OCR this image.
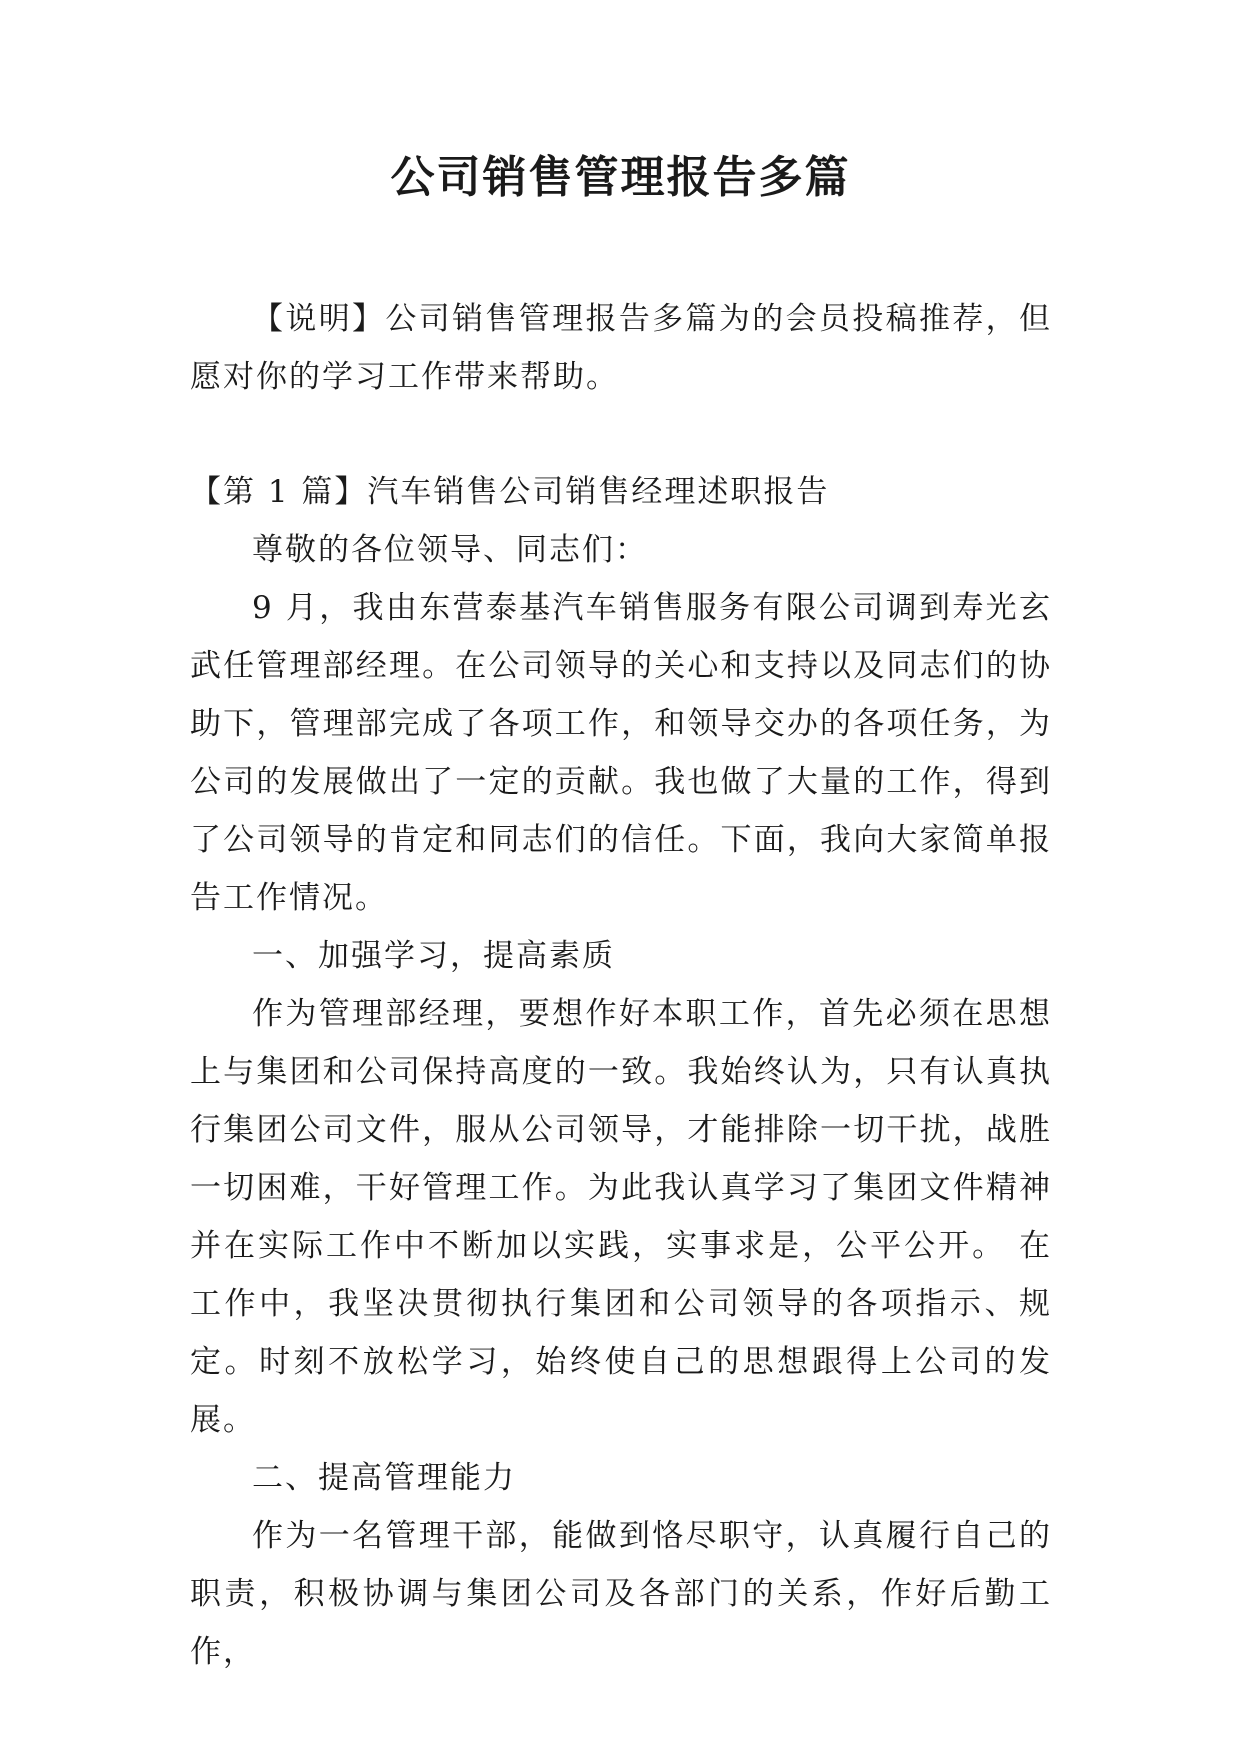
公司销售管理报告多篇

【说明】公司销售管理报告多篇为的会员投稿推荐，但愿对你的学习工作带来帮助。

【第 1 篇】汽车销售公司销售经理述职报告

尊敬的各位领导、同志们：

9 月，我由东营泰基汽车销售服务有限公司调到寿光玄武任管理部经理。在公司领导的关心和支持以及同志们的协助下，管理部完成了各项工作，和领导交办的各项任务，为公司的发展做出了一定的贡献。我也做了大量的工作，得到了公司领导的肯定和同志们的信任。下面，我向大家简单报告工作情况。

一、加强学习，提高素质

作为管理部经理，要想作好本职工作，首先必须在思想上与集团和公司保持高度的一致。我始终认为，只有认真执行集团公司文件，服从公司领导，才能排除一切干扰，战胜一切困难，干好管理工作。为此我认真学习了集团文件精神并在实际工作中不断加以实践，实事求是，公平公开。 在工作中，我坚决贯彻执行集团和公司领导的各项指示、规定。时刻不放松学习，始终使自己的思想跟得上公司的发展。

二、提高管理能力

作为一名管理干部，能做到恪尽职守，认真履行自己的职责，积极协调与集团公司及各部门的关系，作好后勤工作，
